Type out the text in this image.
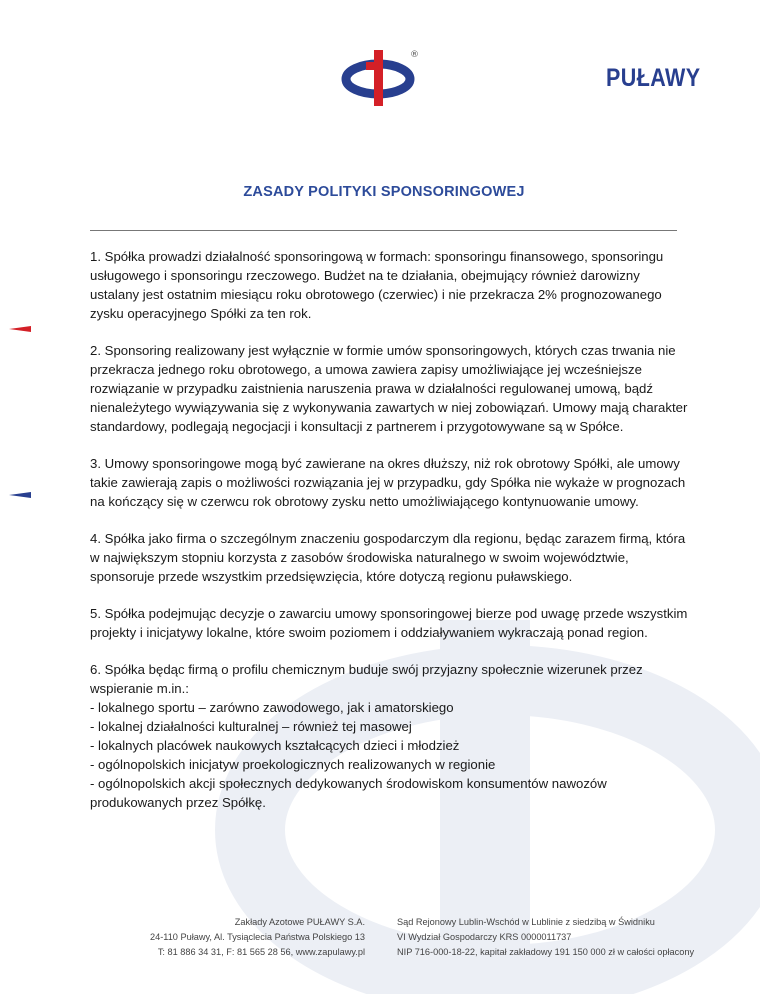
®
PUŁAWY
ZASADY POLITYKI SPONSORINGOWEJ

1. Spółka prowadzi działalność sponsoringową w formach: sponsoringu finansowego, sponsoringu usługowego i sponsoringu rzeczowego. Budżet na te działania, obejmujący również darowizny ustalany jest ostatnim miesiącu roku obrotowego (czerwiec) i nie przekracza 2% prognozowanego zysku operacyjnego Spółki za ten rok.

2. Sponsoring realizowany jest wyłącznie w formie umów sponsoringowych, których czas trwania nie przekracza jednego roku obrotowego, a umowa zawiera zapisy umożliwiające jej wcześniejsze rozwiązanie w przypadku zaistnienia naruszenia prawa w działalności regulowanej umową, bądź nienależytego wywiązywania się z wykonywania zawartych w niej zobowiązań. Umowy mają charakter standardowy, podlegają negocjacji i konsultacji z partnerem i przygotowywane są w Spółce.

3. Umowy sponsoringowe mogą być zawierane na okres dłuższy, niż rok obrotowy Spółki, ale umowy takie zawierają zapis o możliwości rozwiązania jej w przypadku, gdy Spółka nie wykaże w prognozach na kończący się w czerwcu rok obrotowy zysku netto umożliwiającego kontynuowanie umowy.

4. Spółka jako firma o szczególnym znaczeniu gospodarczym dla regionu, będąc zarazem firmą, która w największym stopniu korzysta z zasobów środowiska naturalnego w swoim województwie, sponsoruje przede wszystkim przedsięwzięcia, które dotyczą regionu puławskiego.

5. Spółka podejmując decyzje o zawarciu umowy sponsoringowej bierze pod uwagę przede wszystkim projekty i inicjatywy lokalne, które swoim poziomem i oddziaływaniem wykraczają ponad region.

6. Spółka będąc firmą o profilu chemicznym buduje swój przyjazny społecznie wizerunek przez wspieranie m.in.:
- lokalnego sportu – zarówno zawodowego, jak i amatorskiego
- lokalnej działalności kulturalnej – również tej masowej
- lokalnych placówek naukowych kształcących dzieci i młodzież
- ogólnopolskich inicjatyw proekologicznych realizowanych w regionie
- ogólnopolskich akcji społecznych dedykowanych środowiskom konsumentów nawozów produkowanych przez Spółkę.
Zakłady Azotowe PUŁAWY S.A.
24-110 Puławy, Al. Tysiąclecia Państwa Polskiego 13
T: 81 886 34 31, F: 81 565 28 56, www.zapulawy.pl
Sąd Rejonowy Lublin-Wschód w Lublinie z siedzibą w Świdniku
VI Wydział Gospodarczy KRS 0000011737
NIP 716-000-18-22, kapitał zakładowy 191 150 000 zł w całości opłacony
